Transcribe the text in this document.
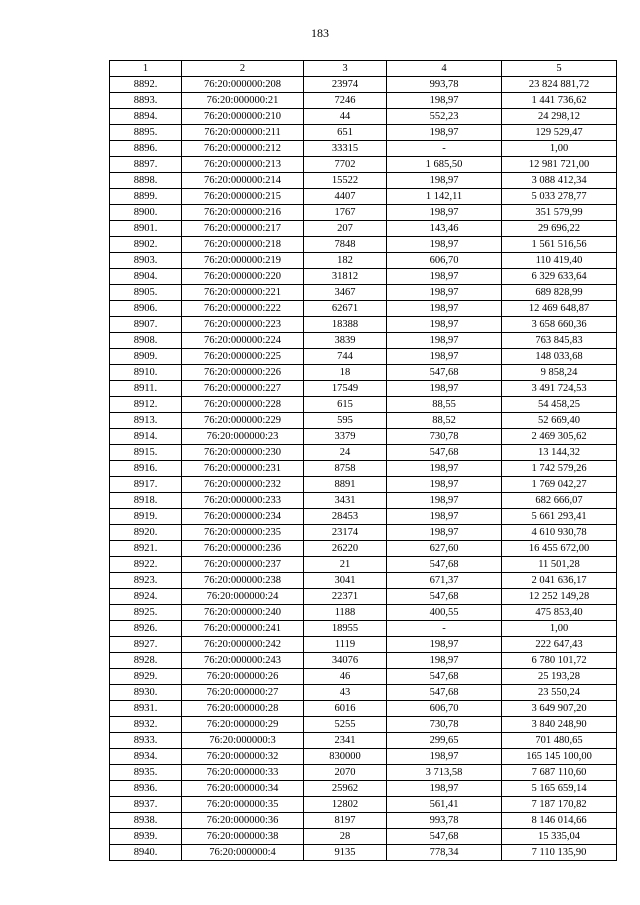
183
1	2	3	4	5
8892.	76:20:000000:208	23974	993,78	23 824 881,72
8893.	76:20:000000:21	7246	198,97	1 441 736,62
8894.	76:20:000000:210	44	552,23	24 298,12
8895.	76:20:000000:211	651	198,97	129 529,47
8896.	76:20:000000:212	33315	-	1,00
8897.	76:20:000000:213	7702	1 685,50	12 981 721,00
8898.	76:20:000000:214	15522	198,97	3 088 412,34
8899.	76:20:000000:215	4407	1 142,11	5 033 278,77
8900.	76:20:000000:216	1767	198,97	351 579,99
8901.	76:20:000000:217	207	143,46	29 696,22
8902.	76:20:000000:218	7848	198,97	1 561 516,56
8903.	76:20:000000:219	182	606,70	110 419,40
8904.	76:20:000000:220	31812	198,97	6 329 633,64
8905.	76:20:000000:221	3467	198,97	689 828,99
8906.	76:20:000000:222	62671	198,97	12 469 648,87
8907.	76:20:000000:223	18388	198,97	3 658 660,36
8908.	76:20:000000:224	3839	198,97	763 845,83
8909.	76:20:000000:225	744	198,97	148 033,68
8910.	76:20:000000:226	18	547,68	9 858,24
8911.	76:20:000000:227	17549	198,97	3 491 724,53
8912.	76:20:000000:228	615	88,55	54 458,25
8913.	76:20:000000:229	595	88,52	52 669,40
8914.	76:20:000000:23	3379	730,78	2 469 305,62
8915.	76:20:000000:230	24	547,68	13 144,32
8916.	76:20:000000:231	8758	198,97	1 742 579,26
8917.	76:20:000000:232	8891	198,97	1 769 042,27
8918.	76:20:000000:233	3431	198,97	682 666,07
8919.	76:20:000000:234	28453	198,97	5 661 293,41
8920.	76:20:000000:235	23174	198,97	4 610 930,78
8921.	76:20:000000:236	26220	627,60	16 455 672,00
8922.	76:20:000000:237	21	547,68	11 501,28
8923.	76:20:000000:238	3041	671,37	2 041 636,17
8924.	76:20:000000:24	22371	547,68	12 252 149,28
8925.	76:20:000000:240	1188	400,55	475 853,40
8926.	76:20:000000:241	18955	-	1,00
8927.	76:20:000000:242	1119	198,97	222 647,43
8928.	76:20:000000:243	34076	198,97	6 780 101,72
8929.	76:20:000000:26	46	547,68	25 193,28
8930.	76:20:000000:27	43	547,68	23 550,24
8931.	76:20:000000:28	6016	606,70	3 649 907,20
8932.	76:20:000000:29	5255	730,78	3 840 248,90
8933.	76:20:000000:3	2341	299,65	701 480,65
8934.	76:20:000000:32	830000	198,97	165 145 100,00
8935.	76:20:000000:33	2070	3 713,58	7 687 110,60
8936.	76:20:000000:34	25962	198,97	5 165 659,14
8937.	76:20:000000:35	12802	561,41	7 187 170,82
8938.	76:20:000000:36	8197	993,78	8 146 014,66
8939.	76:20:000000:38	28	547,68	15 335,04
8940.	76:20:000000:4	9135	778,34	7 110 135,90
